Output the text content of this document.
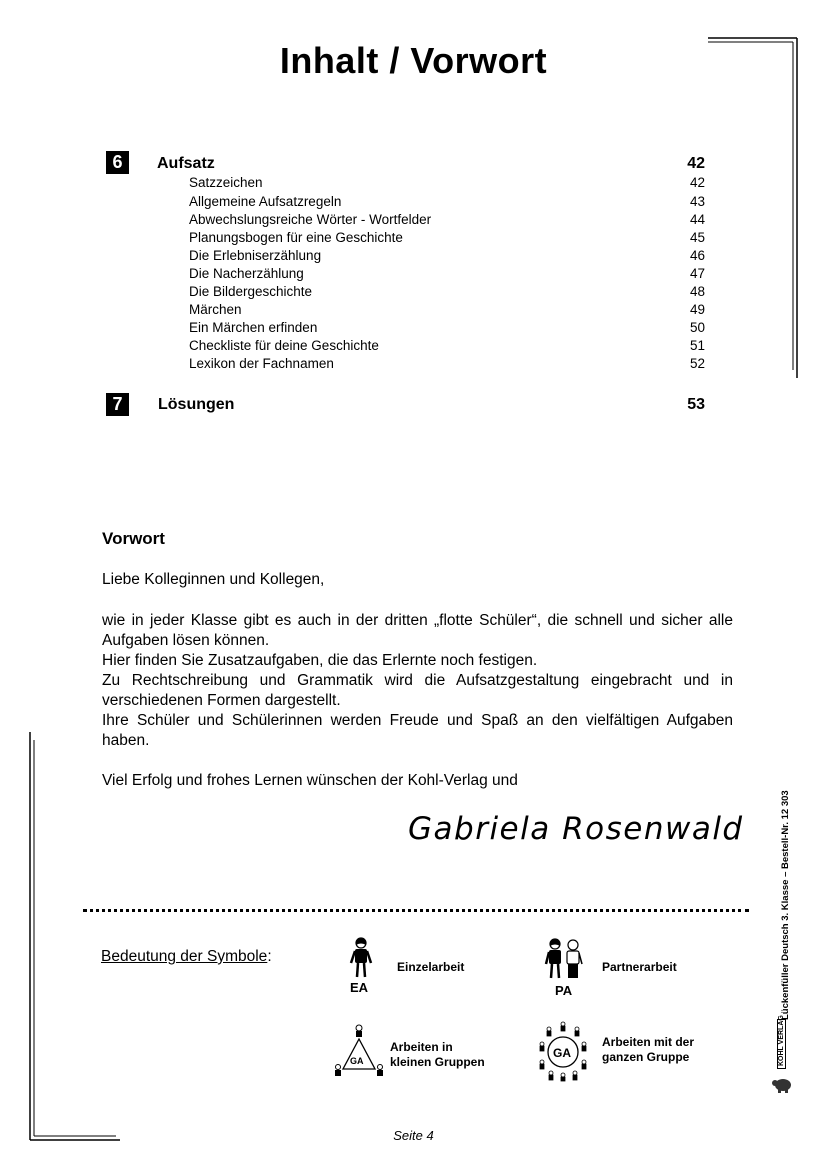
Inhalt / Vorwort
6	Aufsatz	42
Satzzeichen	42
Allgemeine Aufsatzregeln	43
Abwechslungsreiche Wörter - Wortfelder	44
Planungsbogen für eine Geschichte	45
Die Erlebniserzählung	46
Die Nacherzählung	47
Die Bildergeschichte	48
Märchen	49
Ein Märchen erfinden	50
Checkliste für deine Geschichte	51
Lexikon der Fachnamen	52
7	Lösungen	53
Vorwort
Liebe Kolleginnen und Kollegen,
wie in jeder Klasse gibt es auch in der dritten „flotte Schüler“, die schnell und sicher alle Aufgaben lösen können.
Hier finden Sie Zusatzaufgaben, die das Erlernte noch festigen.
Zu Rechtschreibung und Grammatik wird die Aufsatzgestaltung eingebracht und in verschiedenen Formen dargestellt.
Ihre Schüler und Schülerinnen werden Freude und Spaß an den vielfältigen Aufgaben haben.
Viel Erfolg und frohes Lernen wünschen der Kohl-Verlag und
Gabriela Rosenwald
Bedeutung der Symbole:
EA
Einzelarbeit
PA
Partnerarbeit
GA
Arbeiten in
kleinen Gruppen
GA
Arbeiten mit der
ganzen Gruppe
Lückenfüller Deutsch 3. Klasse – Bestell-Nr. 12 303
KOHL VERLAG
Seite 4
